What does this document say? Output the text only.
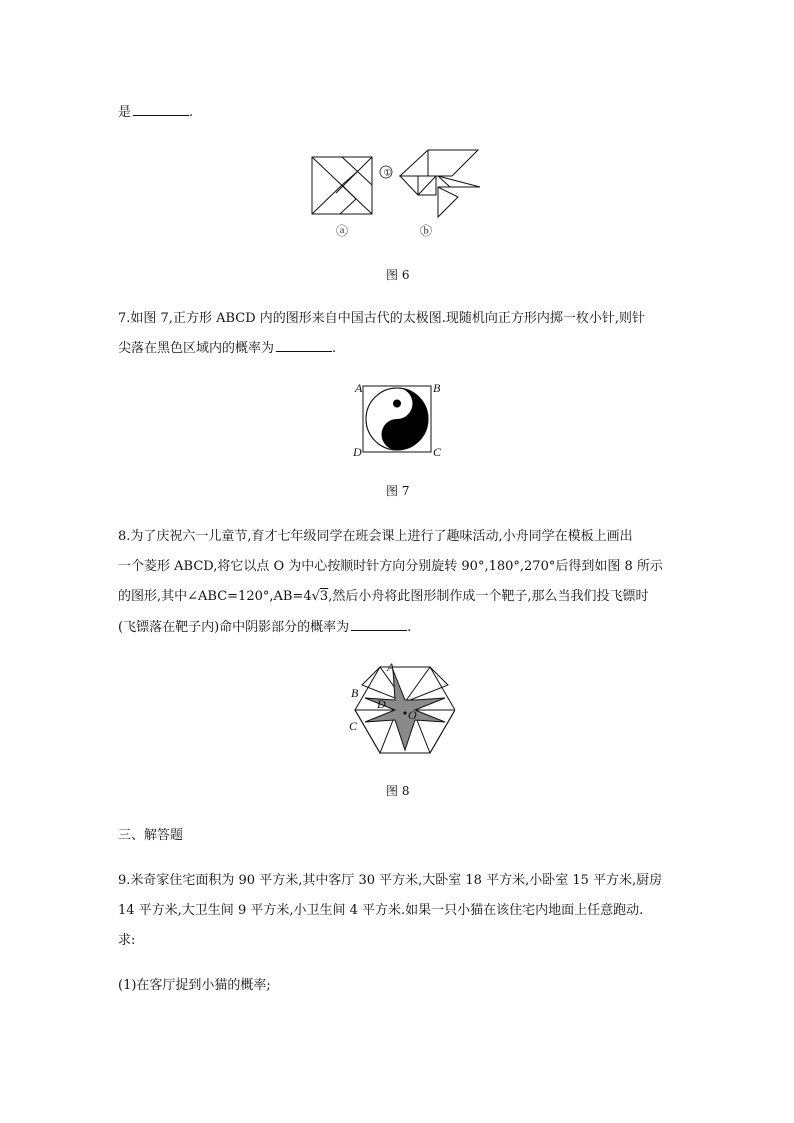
是	.
①
ⓐ	ⓑ
图 6
7.如图 7,正方形 ABCD 内的图形来自中国古代的太极图.现随机向正方形内掷一枚小针,则针
尖落在黑色区域内的概率为	.
A	B
C
D
图 7
8.为了庆祝六一儿童节,育才七年级同学在班会课上进行了趣味活动,小舟同学在模板上画出
一个菱形 ABCD,将它以点 O 为中心按顺时针方向分别旋转 90°,180°,270°后得到如图 8 所示
的图形,其中∠ABC=120°,AB=4√3,然后小舟将此图形制作成一个靶子,那么当我们投飞镖时
(飞镖落在靶子内)命中阴影部分的概率为	.
A
B
C
D
O
图 8
三、解答题
9.米奇家住宅面积为 90 平方米,其中客厅 30 平方米,大卧室 18 平方米,小卧室 15 平方米,厨房
14 平方米,大卫生间 9 平方米,小卫生间 4 平方米.如果一只小猫在该住宅内地面上任意跑动.
求:
(1)在客厅捉到小猫的概率;
